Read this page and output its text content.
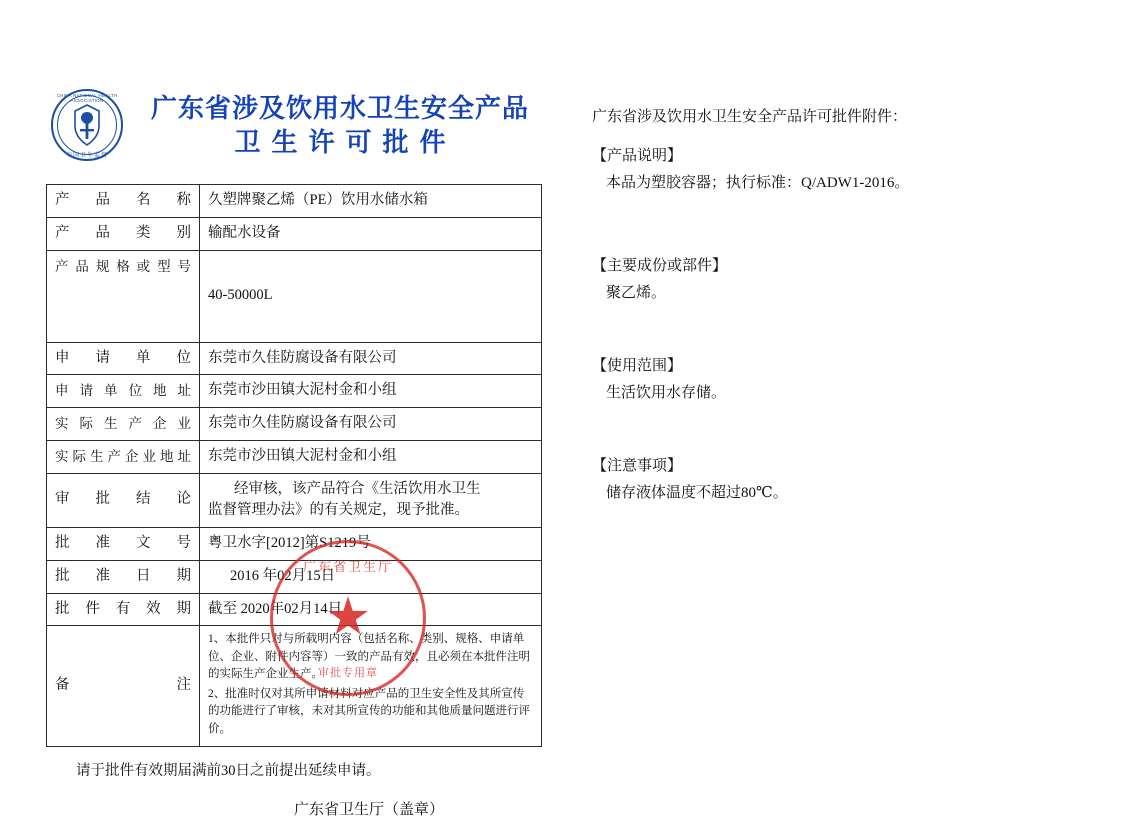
CHINA NATIONAL HEALTH ASSOCIATION
中国卫生监督
广东省涉及饮用水卫生安全产品
卫生许可批件
产品名称	久塑牌聚乙烯（PE）饮用水储水箱
产品类别	输配水设备
产品规格或型号	40-50000L
申请单位	东莞市久佳防腐设备有限公司
申请单位地址	东莞市沙田镇大泥村金和小组
实际生产企业	东莞市久佳防腐设备有限公司
实际生产企业地址	东莞市沙田镇大泥村金和小组
审批结论	经审核，该产品符合《生活饮用水卫生
监督管理办法》的有关规定，现予批准。

批准文号	粤卫水字[2012]第S1219号
批准日期	2016 年02月15日
批件有效期	截至 2020年02月14日
备注	1、本批件只对与所载明内容（包括名称、类别、规格、申请单位、企业、附件内容等）一致的产品有效，且必须在本批件注明的实际生产企业生产。

2、批准时仅对其所申请材料对应产品的卫生安全性及其所宣传的功能进行了审核，未对其所宣传的功能和其他质量问题进行评价。

请于批件有效期届满前30日之前提出延续申请。
广东省卫生厅（盖章）
广东省卫生厅
★
审批专用章
广东省涉及饮用水卫生安全产品许可批件附件：
【产品说明】
本品为塑胶容器；执行标准：Q/ADW1-2016。
【主要成份或部件】
聚乙烯。
【使用范围】
生活饮用水存储。
【注意事项】
储存液体温度不超过80℃。
